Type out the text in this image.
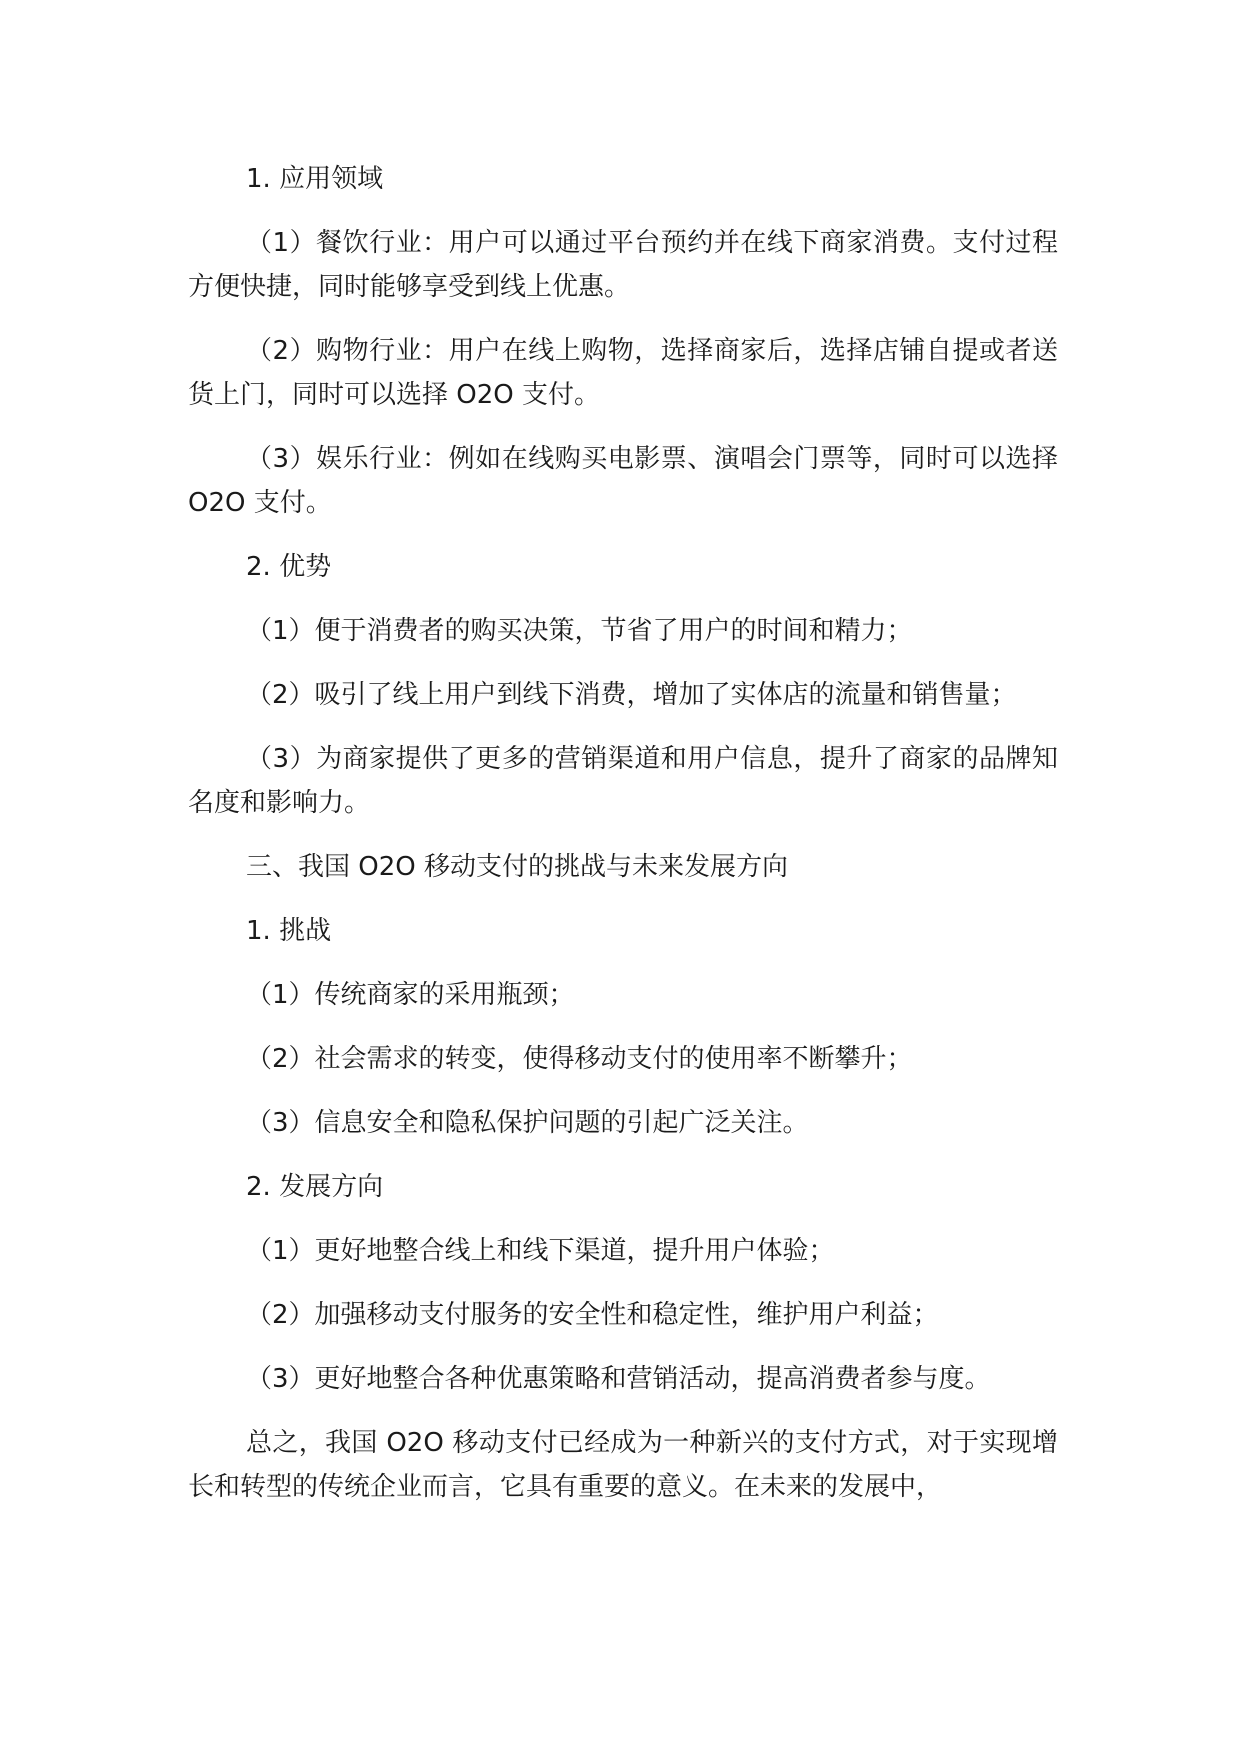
1. 应用领域

（1）餐饮行业：用户可以通过平台预约并在线下商家消费。支付过程方便快捷，同时能够享受到线上优惠。

（2）购物行业：用户在线上购物，选择商家后，选择店铺自提或者送货上门，同时可以选择 O2O 支付。

（3）娱乐行业：例如在线购买电影票、演唱会门票等，同时可以选择 O2O 支付。

2. 优势

（1）便于消费者的购买决策，节省了用户的时间和精力；

（2）吸引了线上用户到线下消费，增加了实体店的流量和销售量；

（3）为商家提供了更多的营销渠道和用户信息，提升了商家的品牌知名度和影响力。

三、我国 O2O 移动支付的挑战与未来发展方向

1. 挑战

（1）传统商家的采用瓶颈；

（2）社会需求的转变，使得移动支付的使用率不断攀升；

（3）信息安全和隐私保护问题的引起广泛关注。

2. 发展方向

（1）更好地整合线上和线下渠道，提升用户体验；

（2）加强移动支付服务的安全性和稳定性，维护用户利益；

（3）更好地整合各种优惠策略和营销活动，提高消费者参与度。

总之，我国 O2O 移动支付已经成为一种新兴的支付方式，对于实现增长和转型的传统企业而言，它具有重要的意义。在未来的发展中，
